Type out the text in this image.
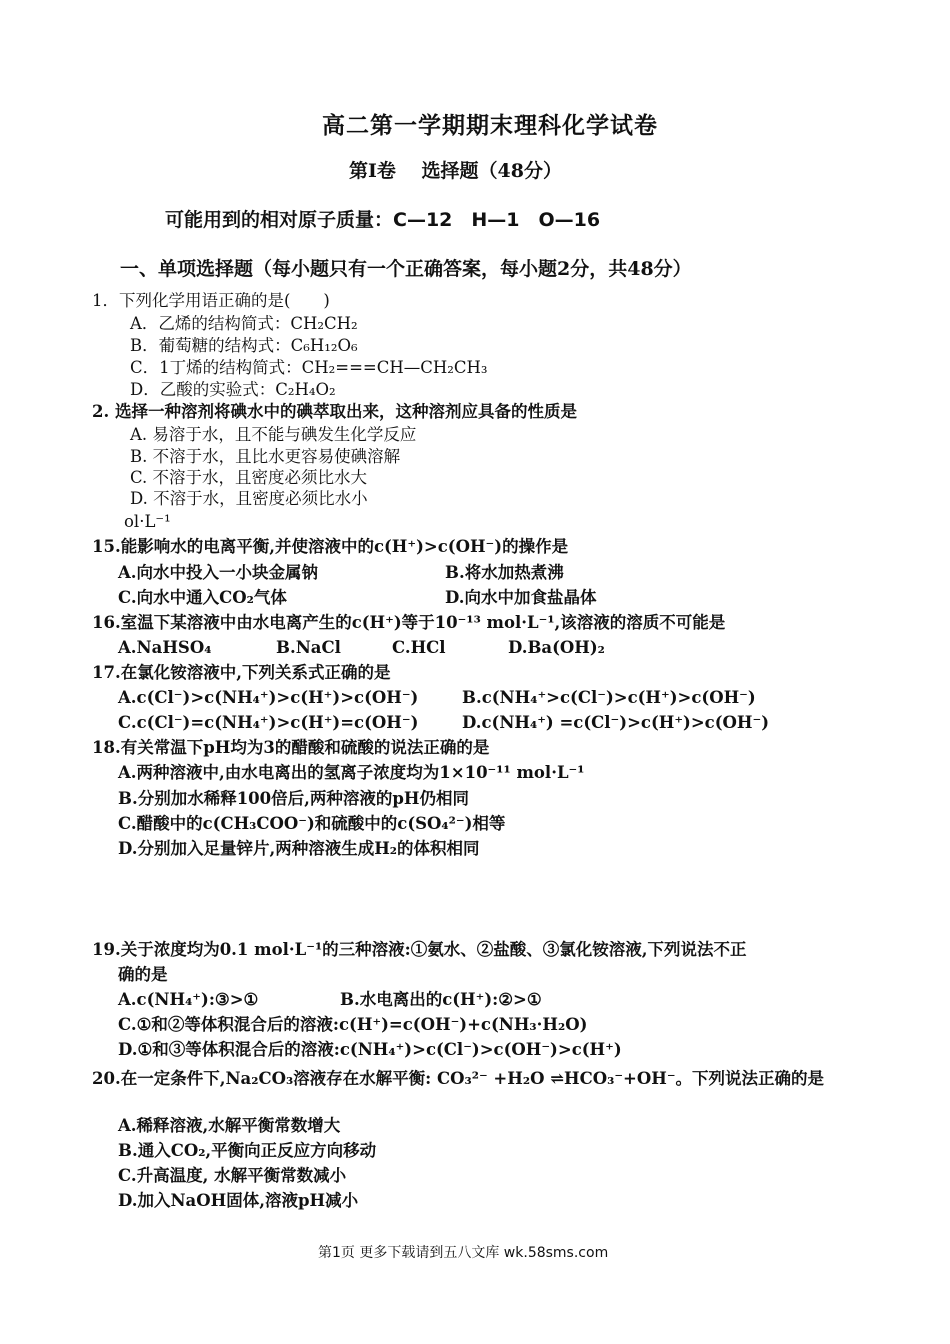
高二第一学期期末理科化学试卷
第Ⅰ卷　 选择题（48分）
可能用到的相对原子质量：C—12　H—1　O—16
一、单项选择题（每小题只有一个正确答案，每小题2分，共48分）
1．下列化学用语正确的是(　　)
A．乙烯的结构简式：CH₂CH₂
B．葡萄糖的结构式：C₆H₁₂O₆
C．1丁烯的结构简式：CH₂===CH—CH₂CH₃
D．乙酸的实验式：C₂H₄O₂
2. 选择一种溶剂将碘水中的碘萃取出来，这种溶剂应具备的性质是
A. 易溶于水，且不能与碘发生化学反应
B. 不溶于水，且比水更容易使碘溶解
C. 不溶于水，且密度必须比水大
D. 不溶于水，且密度必须比水小
ol·L⁻¹
15.能影响水的电离平衡,并使溶液中的c(H⁺)>c(OH⁻)的操作是
A.向水中投入一小块金属钠	B.将水加热煮沸
C.向水中通入CO₂气体	D.向水中加食盐晶体
16.室温下某溶液中由水电离产生的c(H⁺)等于10⁻¹³ mol·L⁻¹,该溶液的溶质不可能是
A.NaHSO₄	B.NaCl	C.HCl	D.Ba(OH)₂
17.在氯化铵溶液中,下列关系式正确的是
A.c(Cl⁻)>c(NH₄⁺)>c(H⁺)>c(OH⁻)	B.c(NH₄⁺>c(Cl⁻)>c(H⁺)>c(OH⁻)
C.c(Cl⁻)=c(NH₄⁺)>c(H⁺)=c(OH⁻)	D.c(NH₄⁺) =c(Cl⁻)>c(H⁺)>c(OH⁻)
18.有关常温下pH均为3的醋酸和硫酸的说法正确的是
A.两种溶液中,由水电离出的氢离子浓度均为1×10⁻¹¹ mol·L⁻¹
B.分别加水稀释100倍后,两种溶液的pH仍相同
C.醋酸中的c(CH₃COO⁻)和硫酸中的c(SO₄²⁻)相等
D.分别加入足量锌片,两种溶液生成H₂的体积相同
19.关于浓度均为0.1 mol·L⁻¹的三种溶液:①氨水、②盐酸、③氯化铵溶液,下列说法不正
确的是
A.c(NH₄⁺):③>①	B.水电离出的c(H⁺):②>①
C.①和②等体积混合后的溶液:c(H⁺)=c(OH⁻)+c(NH₃·H₂O)
D.①和③等体积混合后的溶液:c(NH₄⁺)>c(Cl⁻)>c(OH⁻)>c(H⁺)
20.在一定条件下,Na₂CO₃溶液存在水解平衡: CO₃²⁻ +H₂O ⇌HCO₃⁻+OH⁻。下列说法正确的是
A.稀释溶液,水解平衡常数增大
B.通入CO₂,平衡向正反应方向移动
C.升高温度, 水解平衡常数减小
D.加入NaOH固体,溶液pH减小
第1页 更多下载请到五八文库 wk.58sms.com
